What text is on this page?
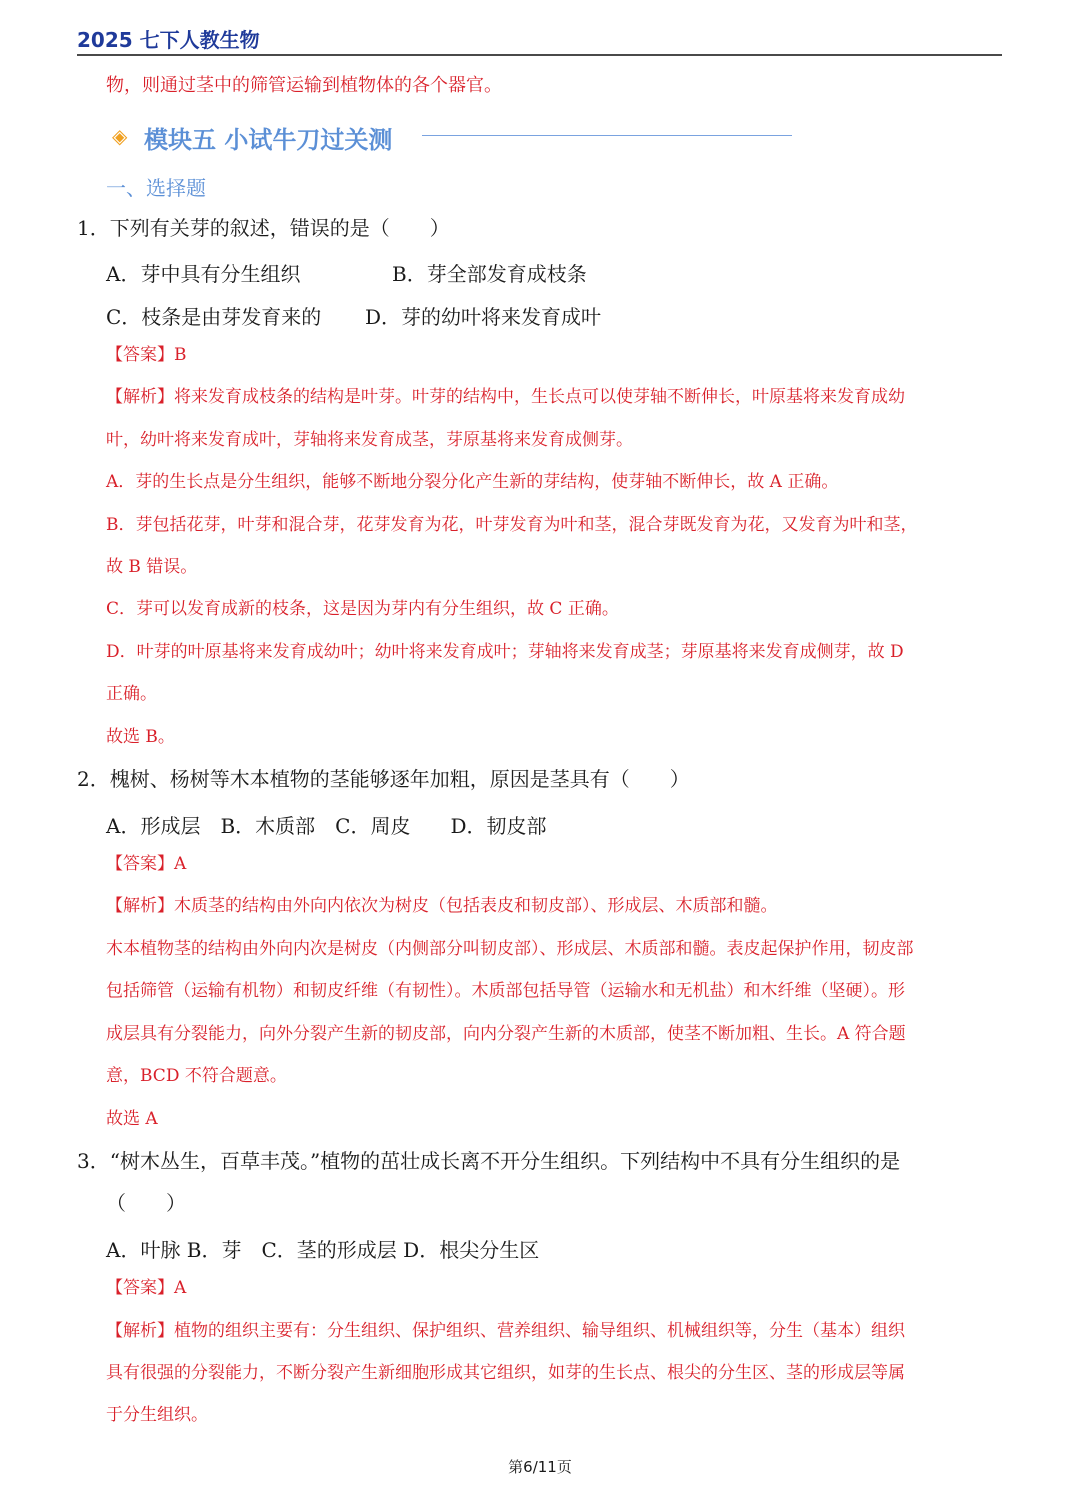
2025 七下人教生物
物，则通过茎中的筛管运输到植物体的各个器官。
◈ 模块五 小试牛刀过关测
一、选择题
1．下列有关芽的叙述，错误的是（　　）
A．芽中具有分生组织	B．芽全部发育成枝条
C．枝条是由芽发育来的 D．芽的幼叶将来发育成叶
【答案】B
【解析】将来发育成枝条的结构是叶芽。叶芽的结构中，生长点可以使芽轴不断伸长，叶原基将来发育成幼
叶，幼叶将来发育成叶，芽轴将来发育成茎，芽原基将来发育成侧芽。
A．芽的生长点是分生组织，能够不断地分裂分化产生新的芽结构，使芽轴不断伸长，故 A 正确。
B．芽包括花芽，叶芽和混合芽，花芽发育为花，叶芽发育为叶和茎，混合芽既发育为花，又发育为叶和茎，
故 B 错误。
C．芽可以发育成新的枝条，这是因为芽内有分生组织，故 C 正确。
D．叶芽的叶原基将来发育成幼叶；幼叶将来发育成叶；芽轴将来发育成茎；芽原基将来发育成侧芽，故 D
正确。
故选 B。
2．槐树、杨树等木本植物的茎能够逐年加粗，原因是茎具有（　　）
A．形成层　B．木质部　C．周皮　　D．韧皮部
【答案】A
【解析】木质茎的结构由外向内依次为树皮（包括表皮和韧皮部）、形成层、木质部和髓。
木本植物茎的结构由外向内次是树皮（内侧部分叫韧皮部）、形成层、木质部和髓。表皮起保护作用，韧皮部
包括筛管（运输有机物）和韧皮纤维（有韧性）。木质部包括导管（运输水和无机盐）和木纤维（坚硬）。形
成层具有分裂能力，向外分裂产生新的韧皮部，向内分裂产生新的木质部，使茎不断加粗、生长。A 符合题
意，BCD 不符合题意。
故选 A
3．“树木丛生，百草丰茂。”植物的茁壮成长离不开分生组织。下列结构中不具有分生组织的是
（　　）
A．叶脉 B．芽　C．茎的形成层 D．根尖分生区
【答案】A
【解析】植物的组织主要有：分生组织、保护组织、营养组织、输导组织、机械组织等，分生（基本）组织
具有很强的分裂能力，不断分裂产生新细胞形成其它组织，如芽的生长点、根尖的分生区、茎的形成层等属
于分生组织。
第6/11页
